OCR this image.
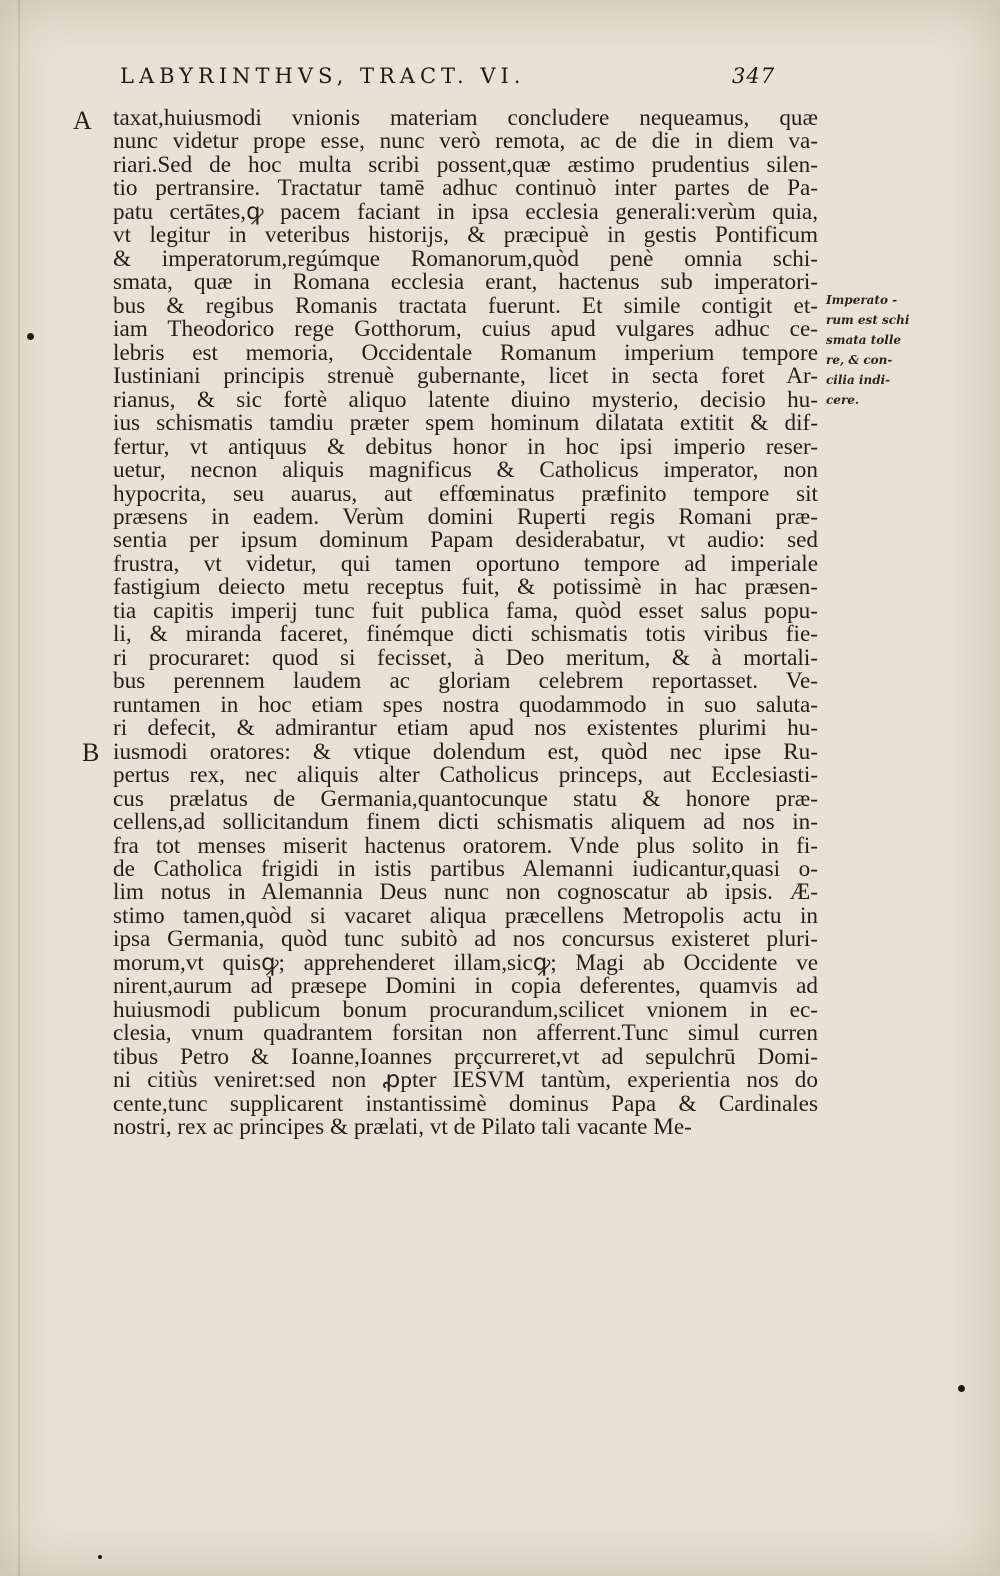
LABYRINTHVS, TRACT. VI.	347
A
B
Imperato -
rum est schi
smata tolle
re, & con-
cilia indi-
cere.
taxat,huiusmodi vnionis materiam concludere nequeamus, quæ
nunc videtur prope esse, nunc verò remota, ac de die in diem va-
riari.Sed de hoc multa scribi possent,quæ æstimo prudentius silen-
tio pertransire. Tractatur tamē adhuc continuò inter partes de Pa-
patu certātes,ꝙ pacem faciant in ipsa ecclesia generali:verùm quia,
vt legitur in veteribus historijs, & præcipuè in gestis Pontificum
& imperatorum,regúmque Romanorum,quòd penè omnia schi-
smata, quæ in Romana ecclesia erant, hactenus sub imperatori-
bus & regibus Romanis tractata fuerunt. Et simile contigit et-
iam Theodorico rege Gotthorum, cuius apud vulgares adhuc ce-
lebris est memoria, Occidentale Romanum imperium tempore
Iustiniani principis strenuè gubernante, licet in secta foret Ar-
rianus, & sic fortè aliquo latente diuino mysterio, decisio hu-
ius schismatis tamdiu præter spem hominum dilatata extitit & dif-
fertur, vt antiquus & debitus honor in hoc ipsi imperio reser-
uetur, necnon aliquis magnificus & Catholicus imperator, non
hypocrita, seu auarus, aut effœminatus præfinito tempore sit
præsens in eadem. Verùm domini Ruperti regis Romani præ-
sentia per ipsum dominum Papam desiderabatur, vt audio: sed
frustra, vt videtur, qui tamen oportuno tempore ad imperiale
fastigium deiecto metu receptus fuit, & potissimè in hac præsen-
tia capitis imperij tunc fuit publica fama, quòd esset salus popu-
li, & miranda faceret, finémque dicti schismatis totis viribus fie-
ri procuraret: quod si fecisset, à Deo meritum, & à mortali-
bus perennem laudem ac gloriam celebrem reportasset. Ve-
runtamen in hoc etiam spes nostra quodammodo in suo saluta-
ri defecit, & admirantur etiam apud nos existentes plurimi hu-
iusmodi oratores: & vtique dolendum est, quòd nec ipse Ru-
pertus rex, nec aliquis alter Catholicus princeps, aut Ecclesiasti-
cus prælatus de Germania,quantocunque statu & honore præ-
cellens,ad sollicitandum finem dicti schismatis aliquem ad nos in-
fra tot menses miserit hactenus oratorem. Vnde plus solito in fi-
de Catholica frigidi in istis partibus Alemanni iudicantur,quasi o-
lim notus in Alemannia Deus nunc non cognoscatur ab ipsis. Æ-
stimo tamen,quòd si vacaret aliqua præcellens Metropolis actu in
ipsa Germania, quòd tunc subitò ad nos concursus existeret pluri-
morum,vt quisꝙ; apprehenderet illam,sicꝙ; Magi ab Occidente ve
nirent,aurum ad præsepe Domini in copia deferentes, quamvis ad
huiusmodi publicum bonum procurandum,scilicet vnionem in ec-
clesia, vnum quadrantem forsitan non afferrent.Tunc simul curren
tibus Petro & Ioanne,Ioannes prçcurreret,vt ad sepulchrū Domi-
ni citiùs veniret:sed non ꝓpter IESVM tantùm, experientia nos do
cente,tunc supplicarent instantissimè dominus Papa & Cardinales
nostri, rex ac principes & prælati, vt de Pilato tali vacante Me-
